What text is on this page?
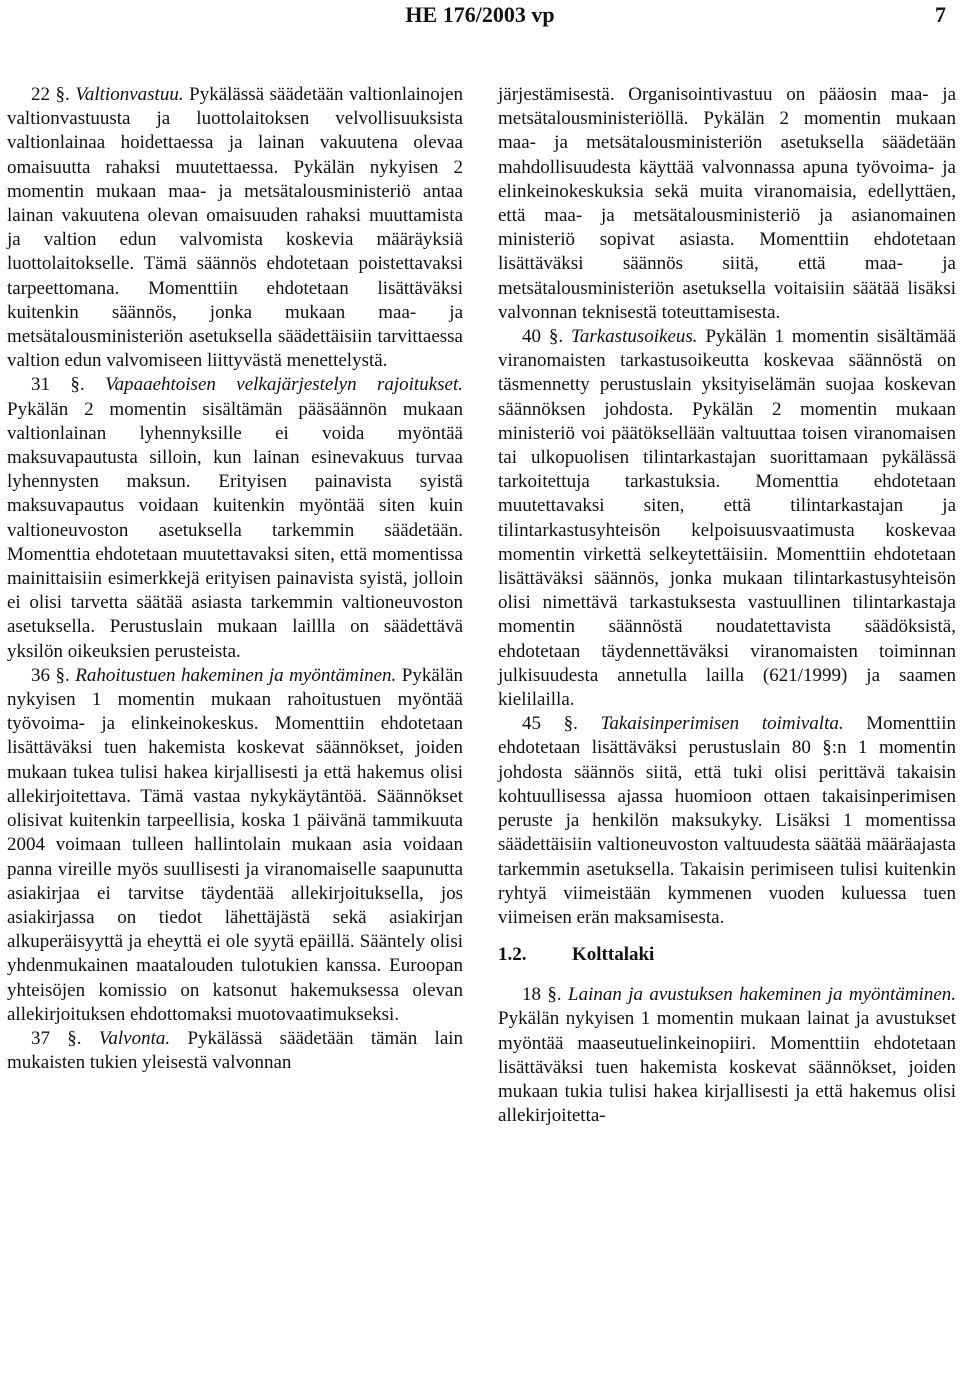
HE 176/2003 vp	7

22 §. Valtionvastuu. Pykälässä säädetään valtionlainojen valtionvastuusta ja luottolaitoksen velvollisuuksista valtionlainaa hoidettaessa ja lainan vakuutena olevaa omaisuutta rahaksi muutettaessa. Pykälän nykyisen 2 momentin mukaan maa- ja metsätalousministeriö antaa lainan vakuutena olevan omaisuuden rahaksi muuttamista ja valtion edun valvomista koskevia määräyksiä luottolaitokselle. Tämä säännös ehdotetaan poistettavaksi tarpeettomana. Momenttiin ehdotetaan lisättäväksi kuitenkin säännös, jonka mukaan maa- ja metsätalousministeriön asetuksella säädettäisiin tarvittaessa valtion edun valvomiseen liittyvästä menettelystä.

31 §. Vapaaehtoisen velkajärjestelyn rajoitukset. Pykälän 2 momentin sisältämän pääsäännön mukaan valtionlainan lyhennyksille ei voida myöntää maksuvapautusta silloin, kun lainan esinevakuus turvaa lyhennysten maksun. Erityisen painavista syistä maksuvapautus voidaan kuitenkin myöntää siten kuin valtioneuvoston asetuksella tarkemmin säädetään. Momenttia ehdotetaan muutettavaksi siten, että momentissa mainittaisiin esimerkkejä erityisen painavista syistä, jolloin ei olisi tarvetta säätää asiasta tarkemmin valtioneuvoston asetuksella. Perustuslain mukaan laillla on säädettävä yksilön oikeuksien perusteista.

36 §. Rahoitustuen hakeminen ja myöntäminen. Pykälän nykyisen 1 momentin mukaan rahoitustuen myöntää työvoima- ja elinkeinokeskus. Momenttiin ehdotetaan lisättäväksi tuen hakemista koskevat säännökset, joiden mukaan tukea tulisi hakea kirjallisesti ja että hakemus olisi allekirjoitettava. Tämä vastaa nykykäytäntöä. Säännökset olisivat kuitenkin tarpeellisia, koska 1 päivänä tammikuuta 2004 voimaan tulleen hallintolain mukaan asia voidaan panna vireille myös suullisesti ja viranomaiselle saapunutta asiakirjaa ei tarvitse täydentää allekirjoituksella, jos asiakirjassa on tiedot lähettäjästä sekä asiakirjan alkuperäisyyttä ja eheyttä ei ole syytä epäillä. Sääntely olisi yhdenmukainen maatalouden tulotukien kanssa. Euroopan yhteisöjen komissio on katsonut hakemuksessa olevan allekirjoituksen ehdottomaksi muotovaatimukseksi.

37 §. Valvonta. Pykälässä säädetään tämän lain mukaisten tukien yleisestä valvonnan

järjestämisestä. Organisointivastuu on pääosin maa- ja metsätalousministeriöllä. Pykälän 2 momentin mukaan maa- ja metsätalousministeriön asetuksella säädetään mahdollisuudesta käyttää valvonnassa apuna työvoima- ja elinkeinokeskuksia sekä muita viranomaisia, edellyttäen, että maa- ja metsätalousministeriö ja asianomainen ministeriö sopivat asiasta. Momenttiin ehdotetaan lisättäväksi säännös siitä, että maa- ja metsätalousministeriön asetuksella voitaisiin säätää lisäksi valvonnan teknisestä toteuttamisesta.

40 §. Tarkastusoikeus. Pykälän 1 momentin sisältämää viranomaisten tarkastusoikeutta koskevaa säännöstä on täsmennetty perustuslain yksityiselämän suojaa koskevan säännöksen johdosta. Pykälän 2 momentin mukaan ministeriö voi päätöksellään valtuuttaa toisen viranomaisen tai ulkopuolisen tilintarkastajan suorittamaan pykälässä tarkoitettuja tarkastuksia. Momenttia ehdotetaan muutettavaksi siten, että tilintarkastajan ja tilintarkastusyhteisön kelpoisuusvaatimusta koskevaa momentin virkettä selkeytettäisiin. Momenttiin ehdotetaan lisättäväksi säännös, jonka mukaan tilintarkastusyhteisön olisi nimettävä tarkastuksesta vastuullinen tilintarkastaja momentin säännöstä noudatettavista säädöksistä, ehdotetaan täydennettäväksi viranomaisten toiminnan julkisuudesta annetulla lailla (621/1999) ja saamen kielilailla.

45 §. Takaisinperimisen toimivalta. Momenttiin ehdotetaan lisättäväksi perustuslain 80 §:n 1 momentin johdosta säännös siitä, että tuki olisi perittävä takaisin kohtuullisessa ajassa huomioon ottaen takaisinperimisen peruste ja henkilön maksukyky. Lisäksi 1 momentissa säädettäisiin valtioneuvoston valtuudesta säätää määräajasta tarkemmin asetuksella. Takaisin perimiseen tulisi kuitenkin ryhtyä viimeistään kymmenen vuoden kuluessa tuen viimeisen erän maksamisesta.

1.2. Kolttalaki

18 §. Lainan ja avustuksen hakeminen ja myöntäminen. Pykälän nykyisen 1 momentin mukaan lainat ja avustukset myöntää maaseutuelinkeinopiiri. Momenttiin ehdotetaan lisättäväksi tuen hakemista koskevat säännökset, joiden mukaan tukia tulisi hakea kirjallisesti ja että hakemus olisi allekirjoitetta-
